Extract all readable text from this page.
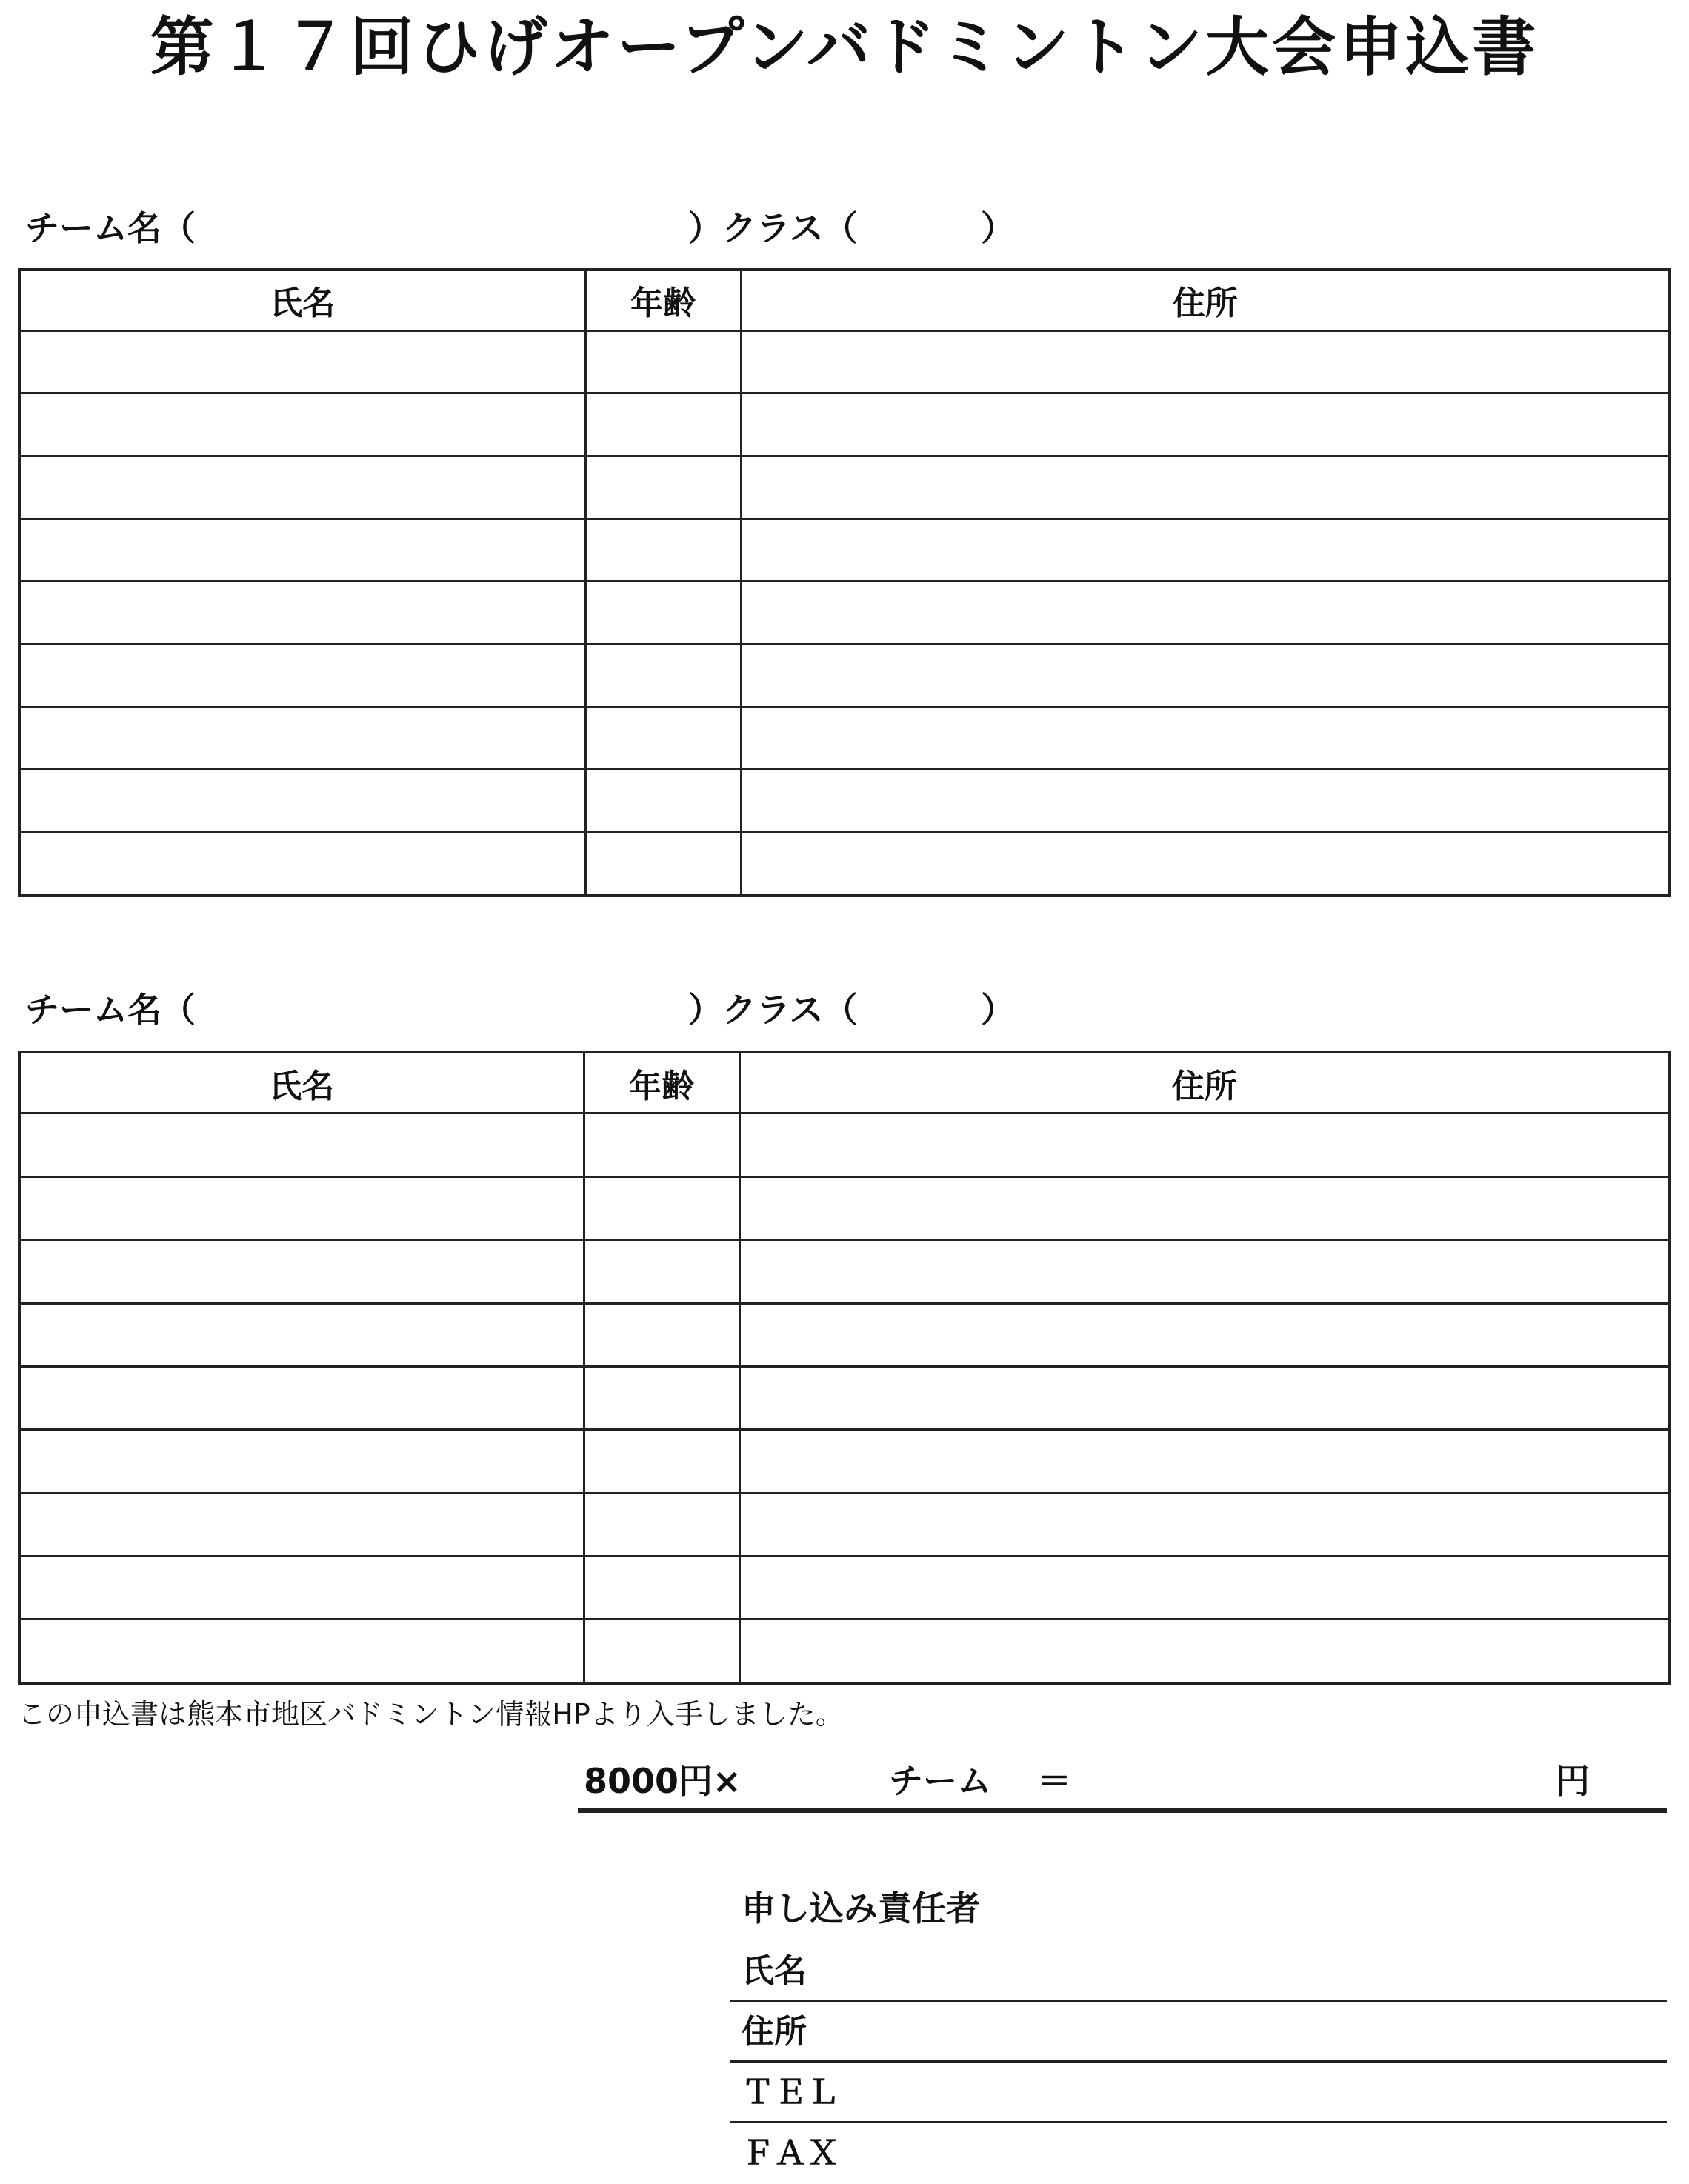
第１７回ひげオープンバドミントン大会申込書
チーム名（	）クラス（	）
氏名	年齢	住所

チーム名（	）クラス（	）
氏名	年齢	住所

この申込書は熊本市地区バドミントン情報HPより入手しました。
8000円×	チーム ＝	円
申し込み責任者
氏名
住所
ＴＥＬ
ＦＡＸ
